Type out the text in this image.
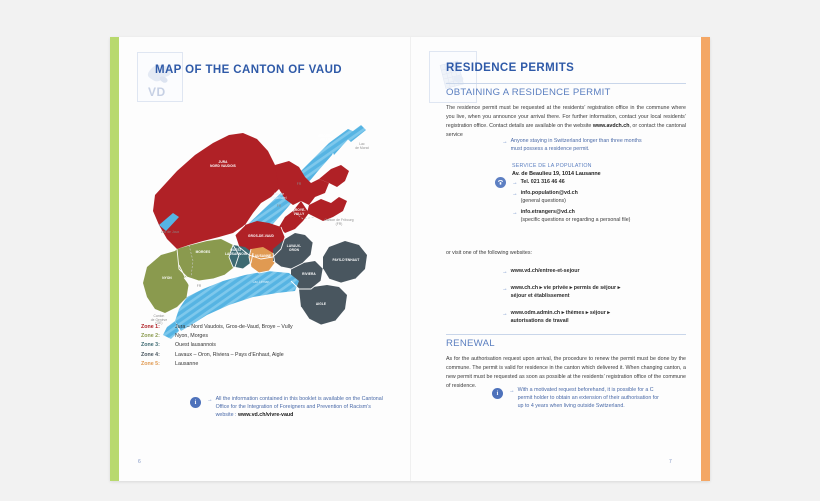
VD
MAP OF THE CANTON OF VAUD
JURA
NORD VAUDOIS
GROS-DE-VAUD
BROYE-
VULLY
BROYE-
VULLY
MORGES
NYON
OUEST
LAUSANNOIS
LAUSANNE
LAVAUX-
ORON
RIVIERA
PAYS-D’ENHAUT
AIGLE
Lac de
Neuchâtel
Lac Léman
Lac
de Morat
Lac de Joux
Canton de Fribourg
(FR)
Canton
de Genève
(GE)
FR
FR
FR
Zone 1:	Jura – Nord Vaudois, Gros-de-Vaud, Broye – Vully
Zone 2:	Nyon, Morges
Zone 3:	Ouest lausannois
Zone 4:	Lavaux – Oron, Riviera – Pays d’Enhaut, Aigle
Zone 5:	Lausanne
i	→ All the information contained in this booklet is available on the Cantonal Office for the Integration of Foreigners and Prevention of Racism’s website : www.vd.ch/vivre-vaud
6
RESIDENCE PERMITS
OBTAINING A RESIDENCE PERMIT
The residence permit must be requested at the residents’ registration office in the commune where you live, when you announce your arrival there. For further information, contact your local residents’ registration office. Contact details are available on the website www.avdch.ch, or contact the cantonal service
→ Anyone staying in Switzerland longer than three months
must possess a residence permit.
SERVICE DE LA POPULATION
Av. de Beaulieu 19, 1014 Lausanne
→ Tel. 021 316 46 46
→ info.population@vd.ch
(general questions)
→ info.etrangers@vd.ch
(specific questions or regarding a personal file)
or visit one of the following websites:
→ www.vd.ch/entree-et-sejour
→ www.ch.ch ▸ vie privée ▸ permis de séjour ▸
séjour et établissement
→ www.odm.admin.ch ▸ thèmes ▸ séjour ▸
autorisations de travail
RENEWAL
As for the authorisation request upon arrival, the procedure to renew the permit must be done by the commune. The permit is valid for residence in the canton which delivered it. When changing canton, a new permit must be requested as soon as possible at the residents’ registration office of the commune of residence.
i	→ With a motivated request beforehand, it is possible for a C
permit holder to obtain an extension of their authorisation for
up to 4 years when living outside Switzerland.
7
